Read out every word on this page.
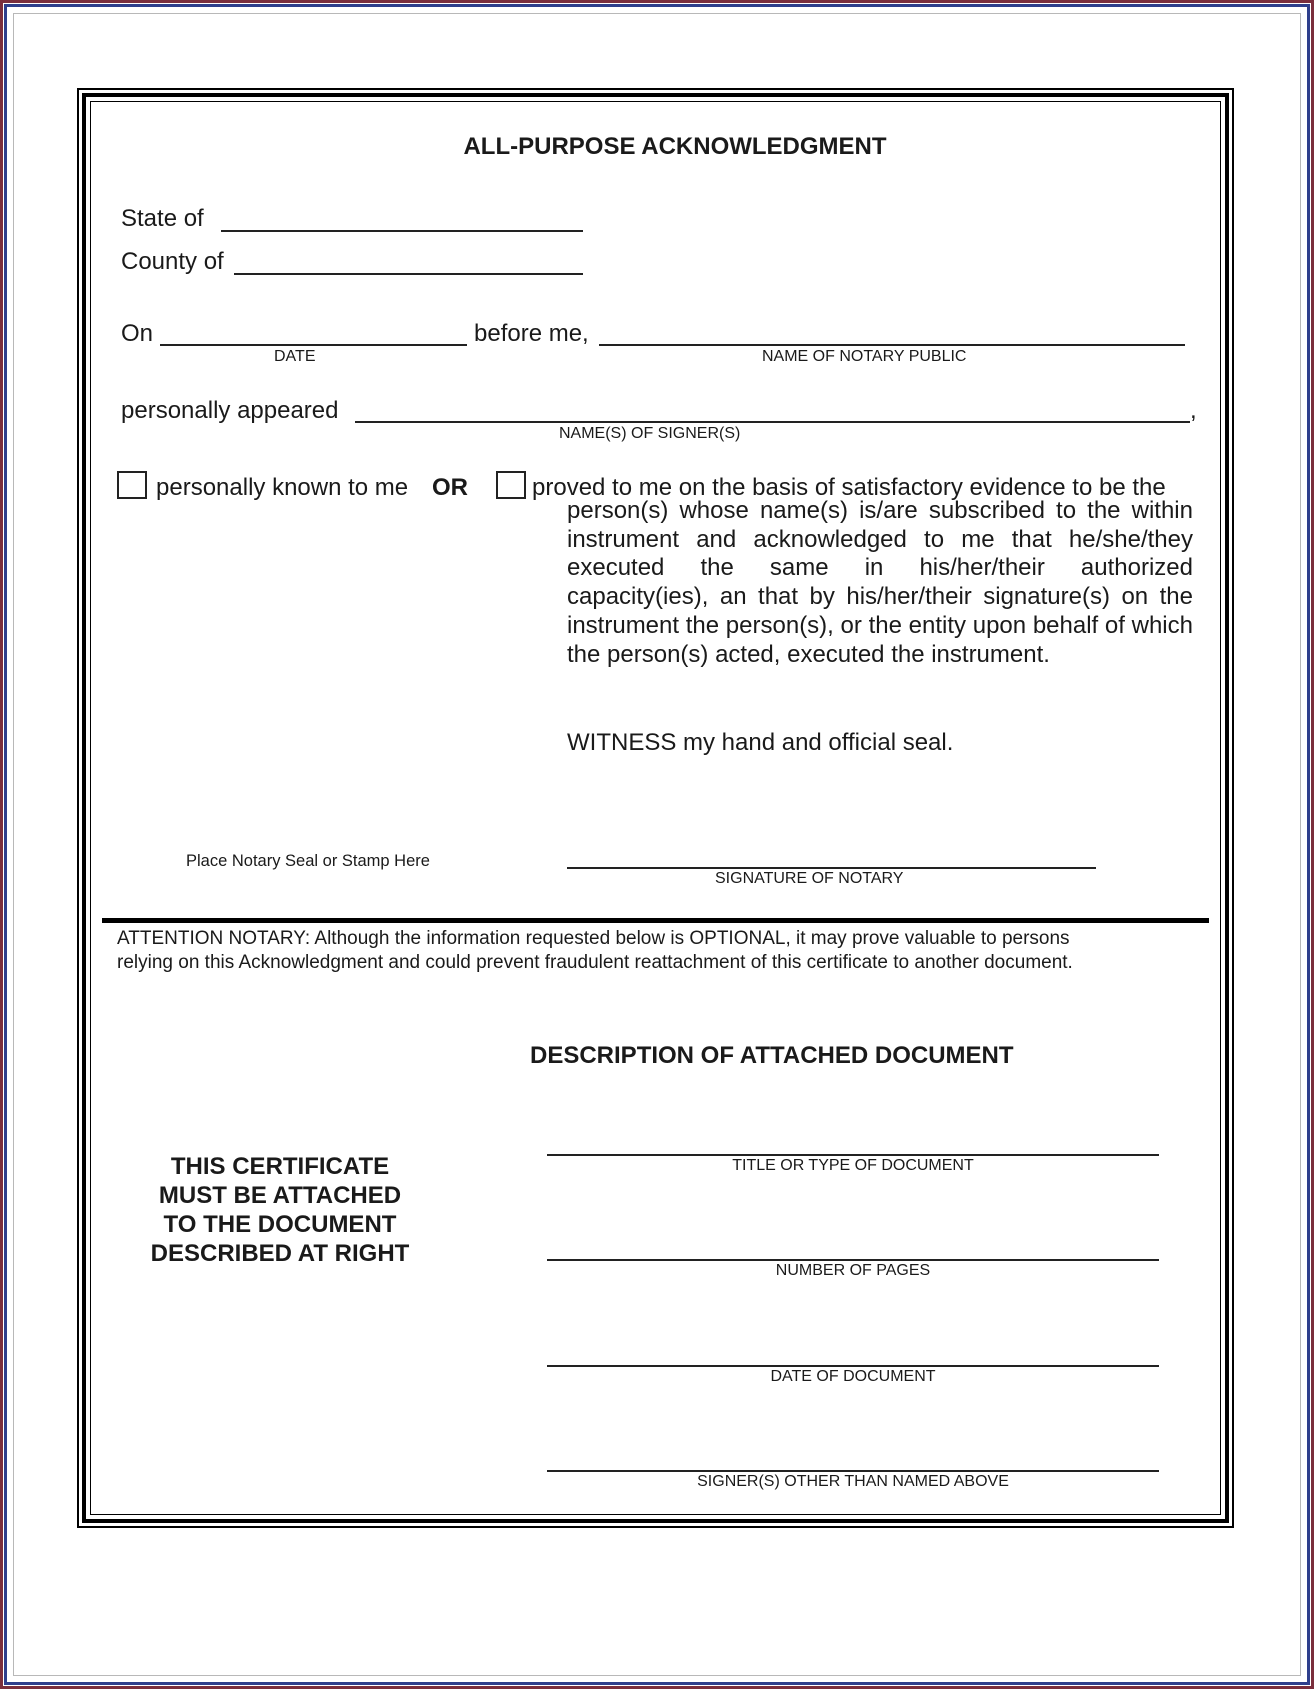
ALL-PURPOSE ACKNOWLEDGMENT
State of
County of
On	before me,
DATE	NAME OF NOTARY PUBLIC
personally appeared	,
NAME(S) OF SIGNER(S)
personally known to me OR	proved to me on the basis of satisfactory evidence to be the
person(s) whose name(s) is/are subscribed to the within instrument and acknowledged to me that he/she/they executed the same in his/her/their authorized capacity(ies), an that by his/her/their signature(s) on the instrument the person(s), or the entity upon behalf of which the person(s) acted, executed the instrument.
WITNESS my hand and official seal.
Place Notary Seal or Stamp Here
SIGNATURE OF NOTARY
ATTENTION NOTARY: Although the information requested below is OPTIONAL, it may prove valuable to persons
relying on this Acknowledgment and could prevent fraudulent reattachment of this certificate to another document.
DESCRIPTION OF ATTACHED DOCUMENT
THIS CERTIFICATE
MUST BE ATTACHED
TO THE DOCUMENT
DESCRIBED AT RIGHT
TITLE OR TYPE OF DOCUMENT
NUMBER OF PAGES
DATE OF DOCUMENT
SIGNER(S) OTHER THAN NAMED ABOVE
